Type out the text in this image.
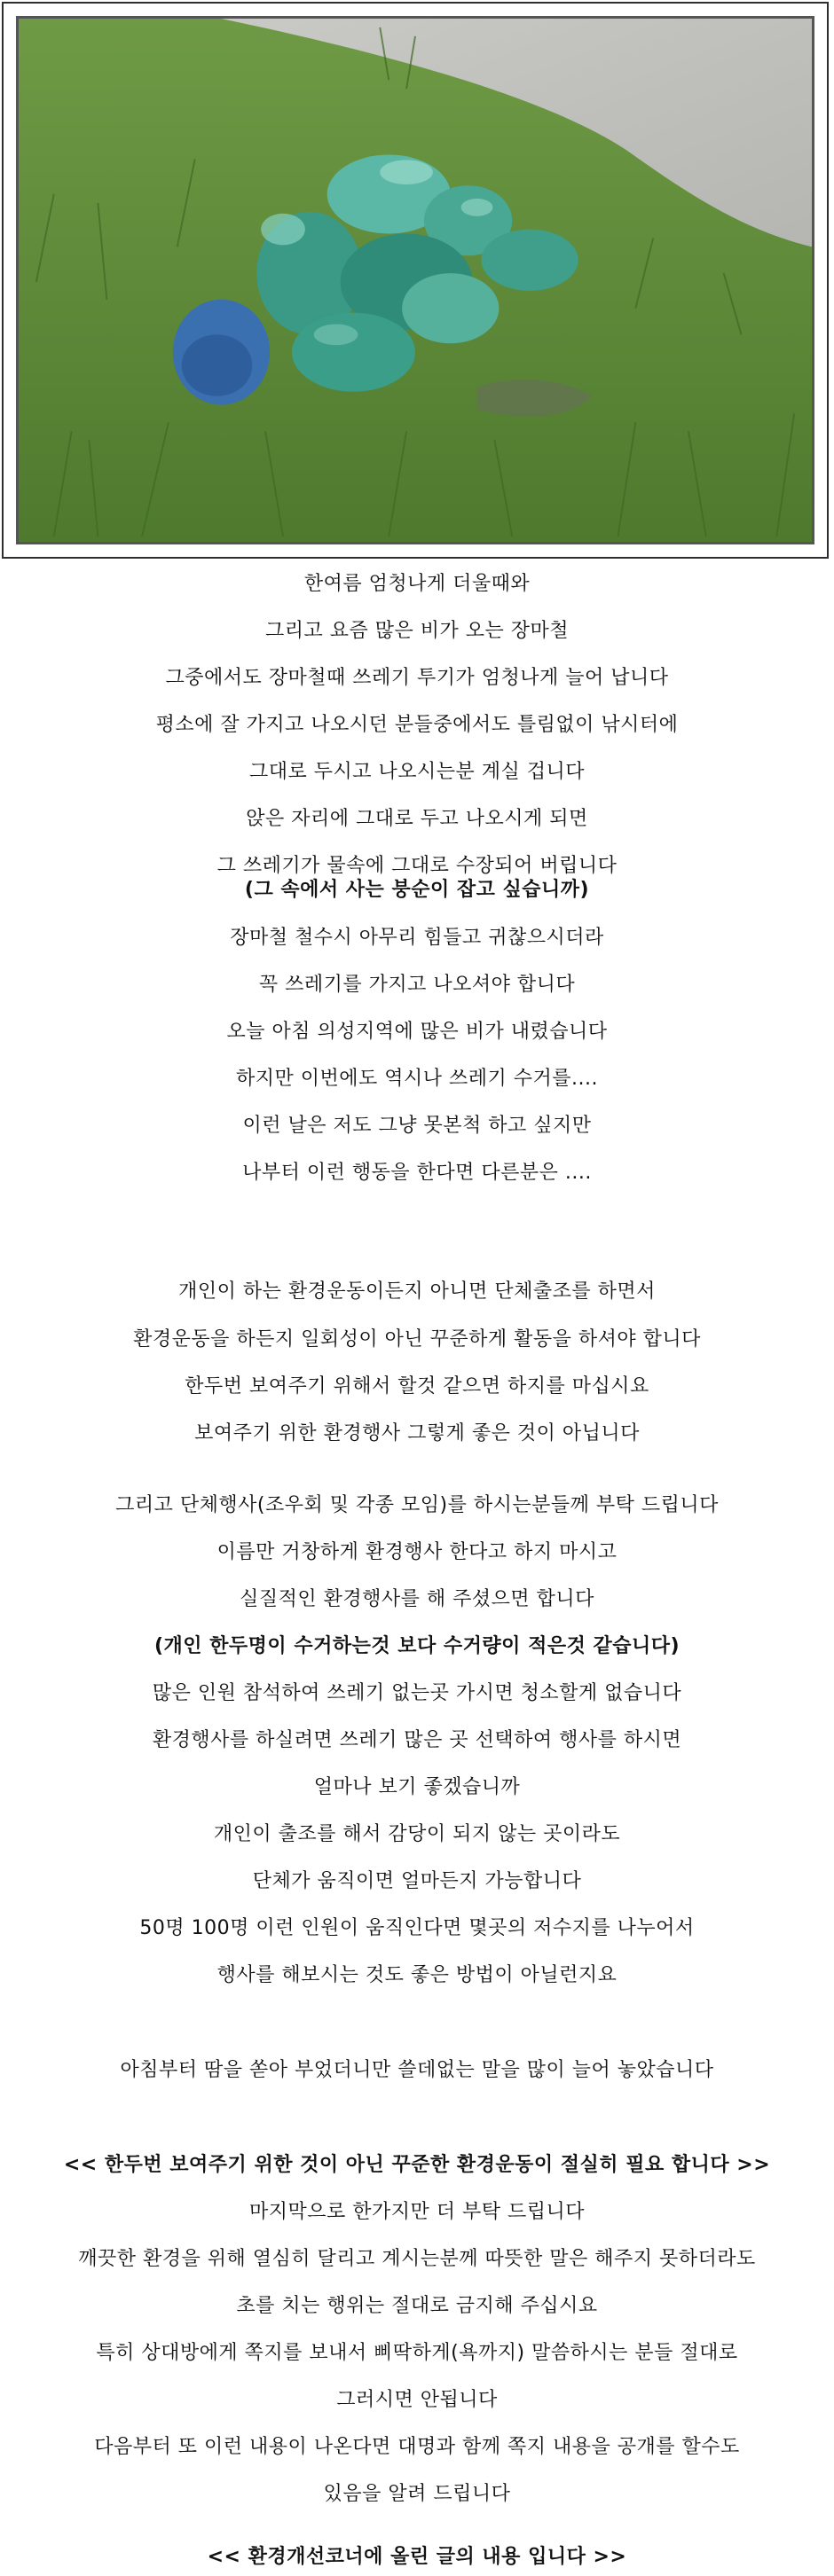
한여름 엄청나게 더울때와
그리고 요즘 많은 비가 오는 장마철
그중에서도 장마철때 쓰레기 투기가 엄청나게 늘어 납니다
평소에 잘 가지고 나오시던 분들중에서도 틀림없이 낚시터에
그대로 두시고 나오시는분 계실 겁니다
앉은 자리에 그대로 두고 나오시게 되면
그 쓰레기가 물속에 그대로 수장되어 버립니다
(그 속에서 사는 붕순이 잡고 싶습니까)
장마철 철수시 아무리 힘들고 귀찮으시더라
꼭 쓰레기를 가지고 나오셔야 합니다
오늘 아침 의성지역에 많은 비가 내렸습니다
하지만 이번에도 역시나 쓰레기 수거를....
이런 날은 저도 그냥 못본척 하고 싶지만
나부터 이런 행동을 한다면 다른분은 ....
개인이 하는 환경운동이든지 아니면 단체출조를 하면서
환경운동을 하든지 일회성이 아닌 꾸준하게 활동을 하셔야 합니다
한두번 보여주기 위해서 할것 같으면 하지를 마십시요
보여주기 위한 환경행사 그렇게 좋은 것이 아닙니다
그리고 단체행사(조우회 및 각종 모임)를 하시는분들께 부탁 드립니다
이름만 거창하게 환경행사 한다고 하지 마시고
실질적인 환경행사를 해 주셨으면 합니다
(개인 한두명이 수거하는것 보다 수거량이 적은것 같습니다)
많은 인원 참석하여 쓰레기 없는곳 가시면 청소할게 없습니다
환경행사를 하실려면 쓰레기 많은 곳 선택하여 행사를 하시면
얼마나 보기 좋겠습니까
개인이 출조를 해서 감당이 되지 않는 곳이라도
단체가 움직이면 얼마든지 가능합니다
50명 100명 이런 인원이 움직인다면 몇곳의 저수지를 나누어서
행사를 해보시는 것도 좋은 방법이 아닐런지요
아침부터 땀을 쏟아 부었더니만 쓸데없는 말을 많이 늘어 놓았습니다
<< 한두번 보여주기 위한 것이 아닌 꾸준한 환경운동이 절실히 필요 합니다 >>
마지막으로 한가지만 더 부탁 드립니다
깨끗한 환경을 위해 열심히 달리고 계시는분께 따뜻한 말은 해주지 못하더라도
초를 치는 행위는 절대로 금지해 주십시요
특히 상대방에게 쪽지를 보내서 삐딱하게(욕까지) 말씀하시는 분들 절대로
그러시면 안됩니다
다음부터 또 이런 내용이 나온다면 대명과 함께 쪽지 내용을 공개를 할수도
있음을 알려 드립니다
<< 환경개선코너에 올린 글의 내용 입니다 >>
